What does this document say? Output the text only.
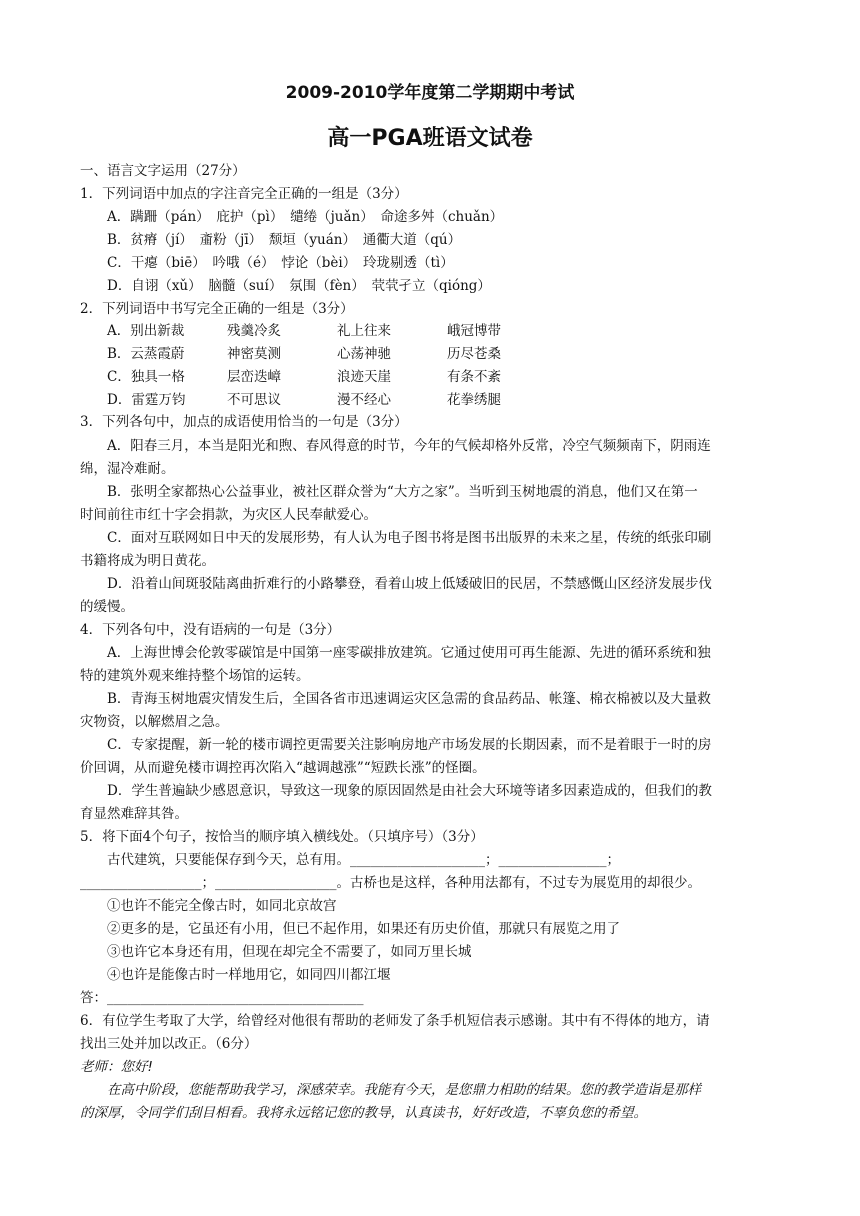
2009-2010学年度第二学期期中考试
高一PGA班语文试卷
一、语言文字运用（27分）
1．下列词语中加点的字注音完全正确的一组是（3分）
A．蹒跚（pán）　庇护（pì）　缱绻（juǎn）　命途多舛（chuǎn）
B．贫瘠（jí）　齑粉（jī）　颓垣（yuán）　通衢大道（qú）
C．干瘪（biē）　吟哦（é）　悖论（bèi）　玲珑剔透（tì）
D．自诩（xǔ）　脑髓（suí）　氛围（fèn）　茕茕孑立（qióng）
2．下列词语中书写完全正确的一组是（3分）
A．别出新裁	残羹冷炙	礼上往来	峨冠博带
B．云蒸霞蔚	神密莫测	心荡神驰	历尽苍桑
C．独具一格	层峦迭嶂	浪迹天崖	有条不紊
D．雷霆万钧	不可思议	漫不经心	花拳绣腿
3．下列各句中，加点的成语使用恰当的一句是（3分）
A．阳春三月，本当是阳光和煦、春风得意的时节，今年的气候却格外反常，冷空气频频南下，阴雨连
绵，湿冷难耐。
B．张明全家都热心公益事业，被社区群众誉为“大方之家”。当听到玉树地震的消息，他们又在第一
时间前往市红十字会捐款，为灾区人民奉献爱心。
C．面对互联网如日中天的发展形势，有人认为电子图书将是图书出版界的未来之星，传统的纸张印刷
书籍将成为明日黄花。
D．沿着山间斑驳陆离曲折难行的小路攀登，看着山坡上低矮破旧的民居，不禁感慨山区经济发展步伐
的缓慢。
4．下列各句中，没有语病的一句是（3分）
A．上海世博会伦敦零碳馆是中国第一座零碳排放建筑。它通过使用可再生能源、先进的循环系统和独
特的建筑外观来维持整个场馆的运转。
B．青海玉树地震灾情发生后，全国各省市迅速调运灾区急需的食品药品、帐篷、棉衣棉被以及大量救
灾物资，以解燃眉之急。
C．专家提醒，新一轮的楼市调控更需要关注影响房地产市场发展的长期因素，而不是着眼于一时的房
价回调，从而避免楼市调控再次陷入“越调越涨”“短跌长涨”的怪圈。
D．学生普遍缺少感恩意识，导致这一现象的原因固然是由社会大环境等诸多因素造成的，但我们的教
育显然难辞其咎。
5．将下面4个句子，按恰当的顺序填入横线处。（只填序号）（3分）
古代建筑，只要能保存到今天，总有用。____________________；________________；
__________________；__________________。古桥也是这样，各种用法都有，不过专为展览用的却很少。
①也许不能完全像古时，如同北京故宫
②更多的是，它虽还有小用，但已不起作用，如果还有历史价值，那就只有展览之用了
③也许它本身还有用，但现在却完全不需要了，如同万里长城
④也许是能像古时一样地用它，如同四川都江堰
答：______________________________________
6．有位学生考取了大学，给曾经对他很有帮助的老师发了条手机短信表示感谢。其中有不得体的地方，请
找出三处并加以改正。（6分）
老师：您好!
在高中阶段，您能帮助我学习，深感荣幸。我能有今天，是您鼎力相助的结果。您的教学造诣是那样
的深厚，令同学们刮目相看。我将永远铭记您的教导，认真读书，好好改造，不辜负您的希望。
